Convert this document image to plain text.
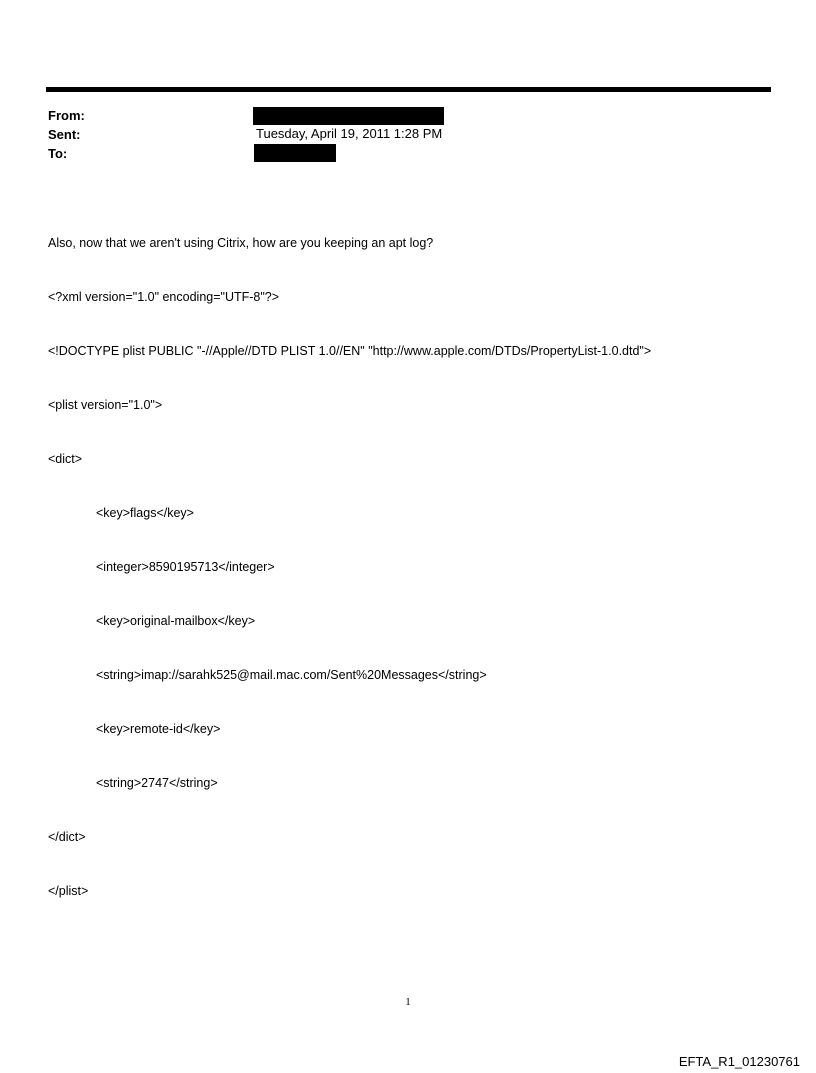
From:
Sent:	Tuesday, April 19, 2011 1:28 PM
To:

Also, now that we aren't using Citrix, how are you keeping an apt log?

<?xml version="1.0" encoding="UTF-8"?>

<!DOCTYPE plist PUBLIC "-//Apple//DTD PLIST 1.0//EN" "http://www.apple.com/DTDs/PropertyList-1.0.dtd">

<plist version="1.0">

<dict>

<key>flags</key>

<integer>8590195713</integer>

<key>original-mailbox</key>

<string>imap://sarahk525@mail.mac.com/Sent%20Messages</string>

<key>remote-id</key>

<string>2747</string>

</dict>

</plist>

1
EFTA_R1_01230761
